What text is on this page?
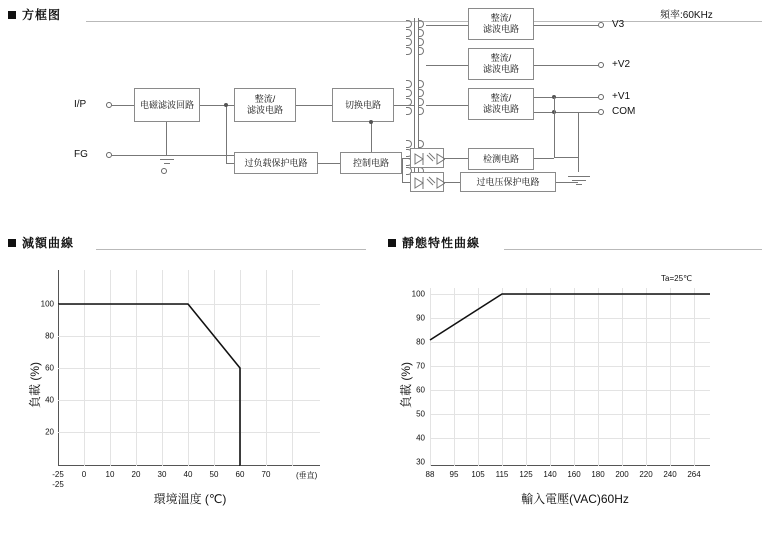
方框图	頻率:60KHz
I/P
FG
电磁滤波回路
整流/
滤波电路
切换电路
整流/
滤波电路	V3
整流/
滤波电路	+V2
整流/
滤波电路
+V1
COM
过负载保护电路	控制电路	检测电路
过电压保护电路
減額曲線
100
80
60
40
20
-25
-25
0	10	20	30	40	50	60	70	(垂直)
負載 (%)
環境溫度 (℃)
靜態特性曲線
Ta=25℃
100
90
80
70
60
50
40
30
88	95	105	115	125	140	160	180	200	220	240	264
負載 (%)
輸入電壓(VAC)60Hz
